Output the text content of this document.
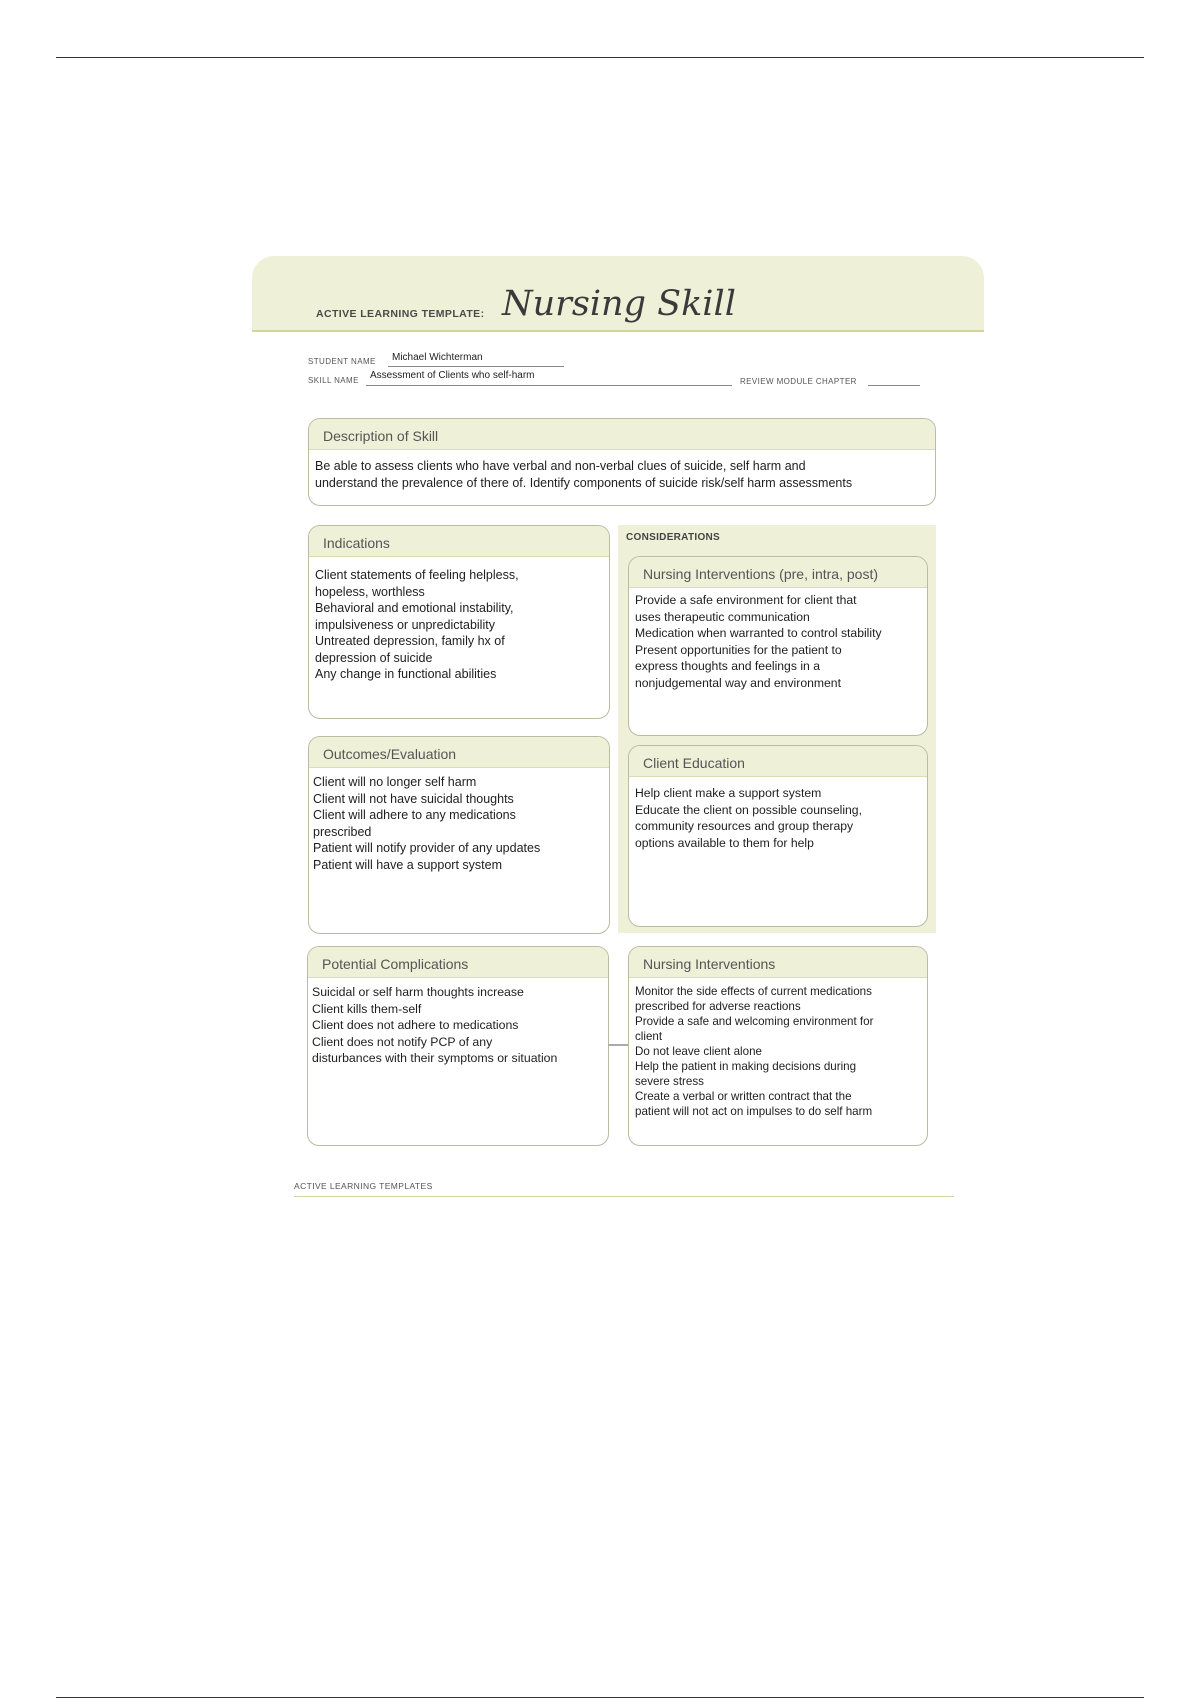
ACTIVE LEARNING TEMPLATE: Nursing Skill
STUDENT NAME Michael Wichterman
SKILL NAME Assessment of Clients who self-harm
REVIEW MODULE CHAPTER
Description of Skill
Be able to assess clients who have verbal and non-verbal clues of suicide, self harm and
understand the prevalence of there of. Identify components of suicide risk/self harm assessments
Indications
Client statements of feeling helpless,
hopeless, worthless
Behavioral and emotional instability,
impulsiveness or unpredictability
Untreated depression, family hx of
depression of suicide
Any change in functional abilities
CONSIDERATIONS
Nursing Interventions (pre, intra, post)
Provide a safe environment for client that
uses therapeutic communication
Medication when warranted to control stability
Present opportunities for the patient to
express thoughts and feelings in a
nonjudgemental way and environment
Outcomes/Evaluation
Client will no longer self harm
Client will not have suicidal thoughts
Client will adhere to any medications
prescribed
Patient will notify provider of any updates
Patient will have a support system
Client Education
Help client make a support system
Educate the client on possible counseling,
community resources and group therapy
options available to them for help
Potential Complications
Suicidal or self harm thoughts increase
Client kills them-self
Client does not adhere to medications
Client does not notify PCP of any
disturbances with their symptoms or situation
Nursing Interventions
Monitor the side effects of current medications
prescribed for adverse reactions
Provide a safe and welcoming environment for
client
Do not leave client alone
Help the patient in making decisions during
severe stress
Create a verbal or written contract that the
patient will not act on impulses to do self harm
ACTIVE LEARNING TEMPLATES
